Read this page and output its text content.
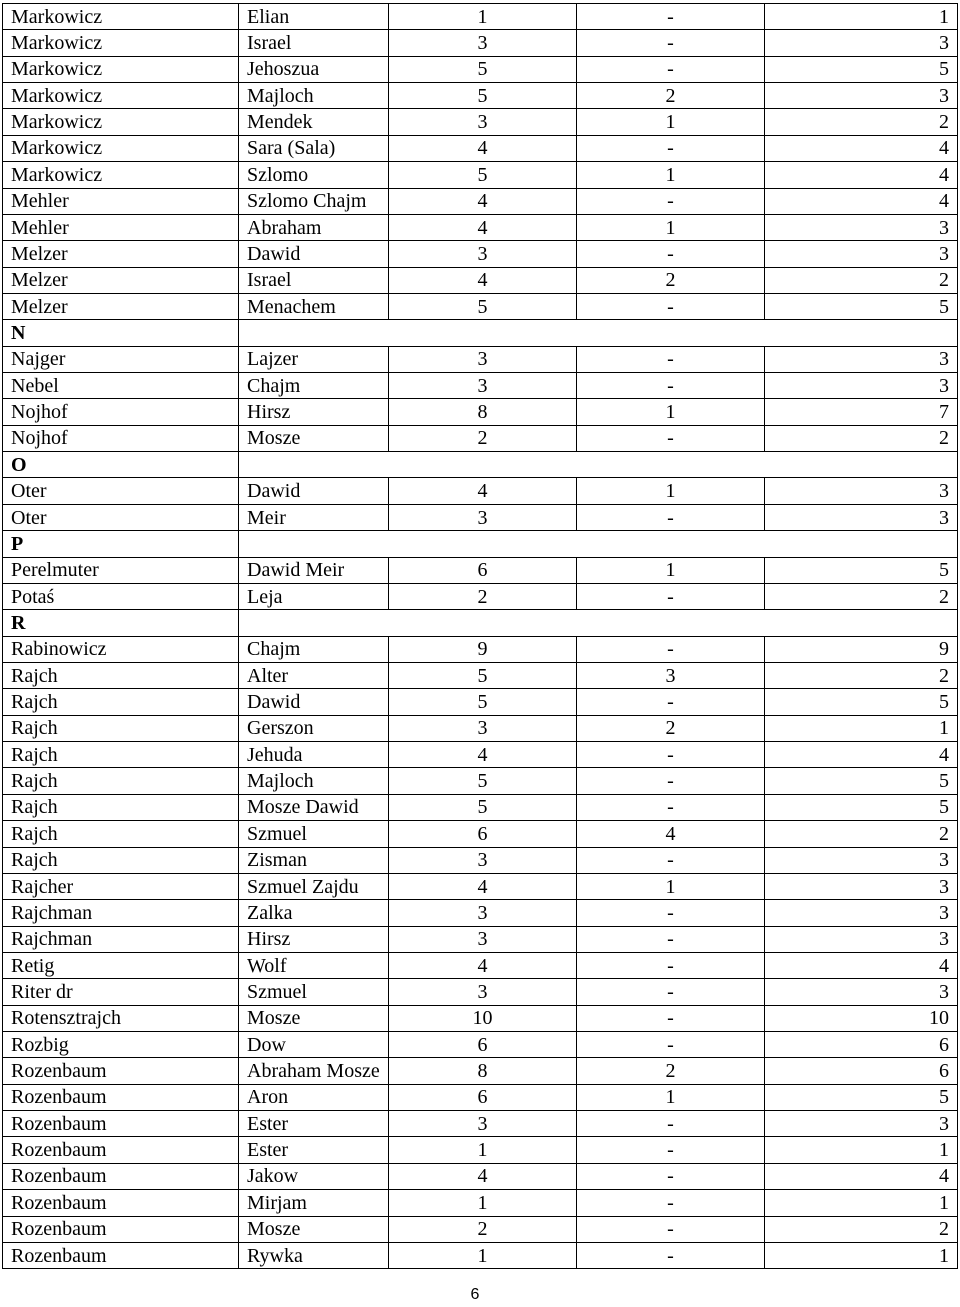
Markowicz	Elian	1	-	1
Markowicz	Israel	3	-	3
Markowicz	Jehoszua	5	-	5
Markowicz	Majloch	5	2	3
Markowicz	Mendek	3	1	2
Markowicz	Sara (Sala)	4	-	4
Markowicz	Szlomo	5	1	4
Mehler	Szlomo Chajm	4	-	4
Mehler	Abraham	4	1	3
Melzer	Dawid	3	-	3
Melzer	Israel	4	2	2
Melzer	Menachem	5	-	5
N				
Najger	Lajzer	3	-	3
Nebel	Chajm	3	-	3
Nojhof	Hirsz	8	1	7
Nojhof	Mosze	2	-	2
O				
Oter	Dawid	4	1	3
Oter	Meir	3	-	3
P				
Perelmuter	Dawid Meir	6	1	5
Potaś	Leja	2	-	2
R				
Rabinowicz	Chajm	9	-	9
Rajch	Alter	5	3	2
Rajch	Dawid	5	-	5
Rajch	Gerszon	3	2	1
Rajch	Jehuda	4	-	4
Rajch	Majloch	5	-	5
Rajch	Mosze Dawid	5	-	5
Rajch	Szmuel	6	4	2
Rajch	Zisman	3	-	3
Rajcher	Szmuel Zajdu	4	1	3
Rajchman	Zalka	3	-	3
Rajchman	Hirsz	3	-	3
Retig	Wolf	4	-	4
Riter dr	Szmuel	3	-	3
Rotensztrajch	Mosze	10	-	10
Rozbig	Dow	6	-	6
Rozenbaum	Abraham Mosze	8	2	6
Rozenbaum	Aron	6	1	5
Rozenbaum	Ester	3	-	3
Rozenbaum	Ester	1	-	1
Rozenbaum	Jakow	4	-	4
Rozenbaum	Mirjam	1	-	1
Rozenbaum	Mosze	2	-	2
Rozenbaum	Rywka	1	-	1
6
